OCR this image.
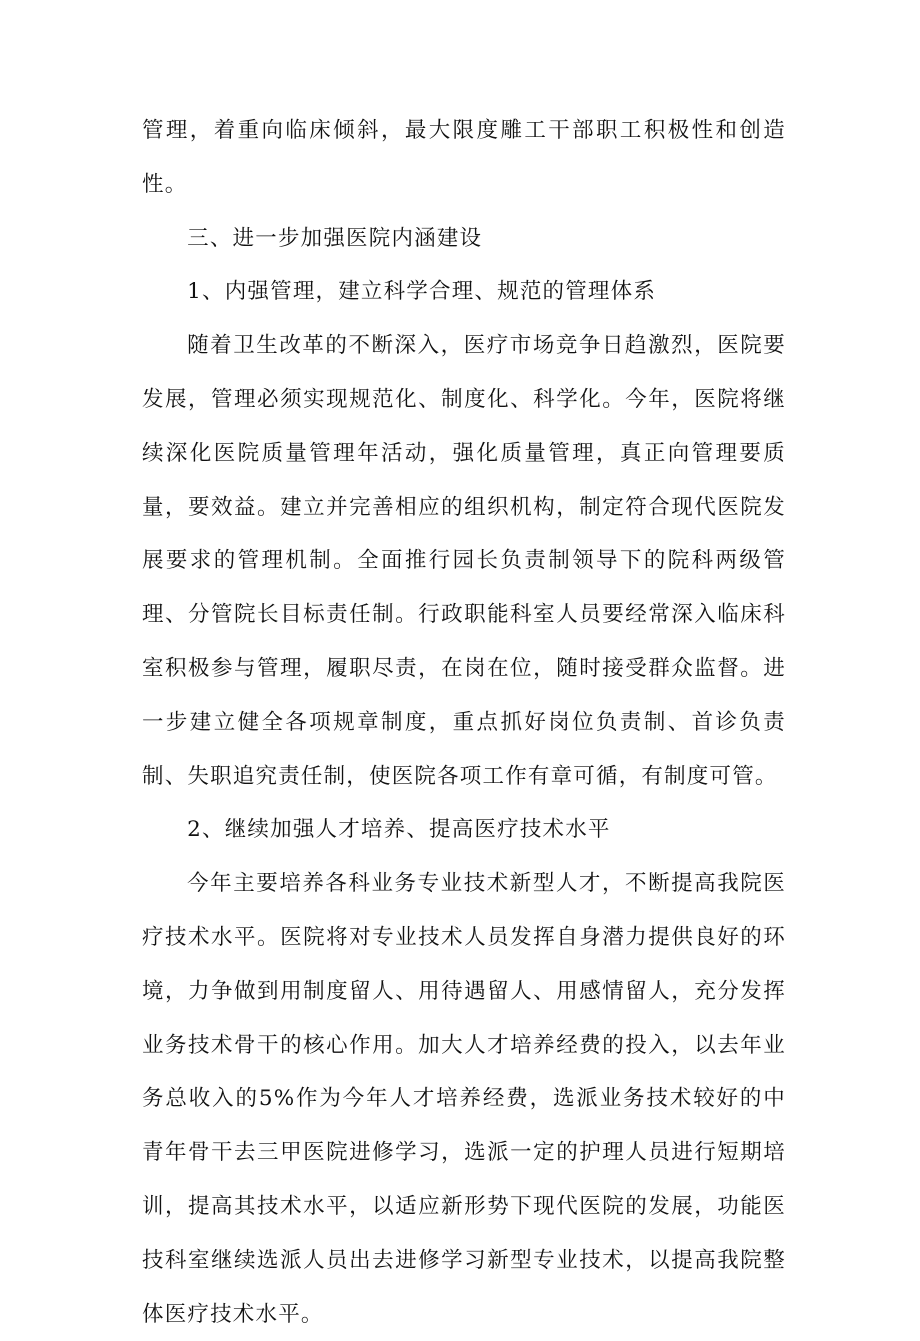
管理，着重向临床倾斜，最大限度雕工干部职工积极性和创造性。

三、进一步加强医院内涵建设

1、内强管理，建立科学合理、规范的管理体系

随着卫生改革的不断深入，医疗市场竞争日趋激烈，医院要发展，管理必须实现规范化、制度化、科学化。今年，医院将继续深化医院质量管理年活动，强化质量管理，真正向管理要质量，要效益。建立并完善相应的组织机构，制定符合现代医院发展要求的管理机制。全面推行园长负责制领导下的院科两级管理、分管院长目标责任制。行政职能科室人员要经常深入临床科室积极参与管理，履职尽责，在岗在位，随时接受群众监督。进一步建立健全各项规章制度，重点抓好岗位负责制、首诊负责制、失职追究责任制，使医院各项工作有章可循，有制度可管。

2、继续加强人才培养、提高医疗技术水平

今年主要培养各科业务专业技术新型人才，不断提高我院医疗技术水平。医院将对专业技术人员发挥自身潜力提供良好的环境，力争做到用制度留人、用待遇留人、用感情留人，充分发挥业务技术骨干的核心作用。加大人才培养经费的投入，以去年业务总收入的5%作为今年人才培养经费，选派业务技术较好的中青年骨干去三甲医院进修学习，选派一定的护理人员进行短期培训，提高其技术水平，以适应新形势下现代医院的发展，功能医技科室继续选派人员出去进修学习新型专业技术，以提高我院整体医疗技术水平。
